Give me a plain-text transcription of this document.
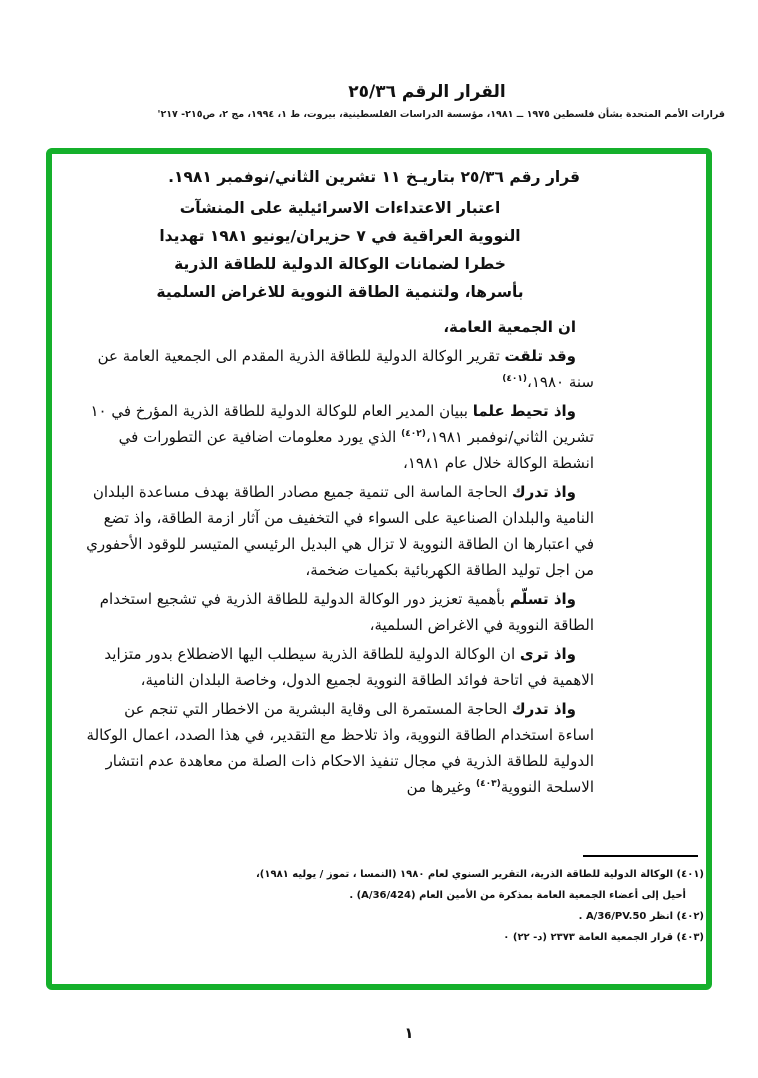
القرار الرقم ٢٥/٣٦
قرارات الأمم المتحدة بشأن فلسطين ١٩٧٥ ــ ١٩٨١، مؤسسة الدراسات الفلسطينية، بيروت، ط ١، ١٩٩٤، مج ٢، ص٢١٥- ٢١٧'

قرار رقم ٢٥/٣٦ بتاريـخ ١١ تشرين الثاني/نوفمبر ١٩٨١.

اعتبار الاعتداءات الاسرائيلية على المنشآت
النووية العراقية في ٧ حزيران/يونيو ١٩٨١ تهديدا
خطرا لضمانات الوكالة الدولية للطاقة الذرية
بأسرها، ولتنمية الطاقة النووية للاغراض السلمية

ان الجمعية العامة،

وقد تلقت تقرير الوكالة الدولية للطاقة الذرية المقدم الى الجمعية العامة عن سنة ١٩٨٠،$^{(٤٠١)}$

واذ تحيط علما ببيان المدير العام للوكالة الدولية للطاقة الذرية المؤرخ في ١٠ تشرين الثاني/نوفمبر ١٩٨١،$^{(٤٠٢)}$ الذي يورد معلومات اضافية عن التطورات في انشطة الوكالة خلال عام ١٩٨١،

واذ تدرك الحاجة الماسة الى تنمية جميع مصادر الطاقة بهدف مساعدة البلدان النامية والبلدان الصناعية على السواء في التخفيف من آثار ازمة الطاقة، واذ تضع في اعتبارها ان الطاقة النووية لا تزال هي البديل الرئيسي المتيسر للوقود الأحفوري من اجل توليد الطاقة الكهربائية بكميات ضخمة،

واذ تسلّم بأهمية تعزيز دور الوكالة الدولية للطاقة الذرية في تشجيع استخدام الطاقة النووية في الاغراض السلمية،

واذ ترى ان الوكالة الدولية للطاقة الذرية سيطلب اليها الاضطلاع بدور متزايد الاهمية في اتاحة فوائد الطاقة النووية لجميع الدول، وخاصة البلدان النامية،

واذ تدرك الحاجة المستمرة الى وقاية البشرية من الاخطار التي تنجم عن اساءة استخدام الطاقة النووية، واذ تلاحظ مع التقدير، في هذا الصدد، اعمال الوكالة الدولية للطاقة الذرية في مجال تنفيذ الاحكام ذات الصلة من معاهدة عدم انتشار الاسلحة النووية$^{(٤٠٣)}$ وغيرها من

(٤٠١) الوكالة الدولية للطاقة الذرية، التقرير السنوي لعام ١٩٨٠ (النمسا ، تموز / يوليه ١٩٨١)،
أحيل إلى أعضاء الجمعية العامة بمذكرة من الأمين العام (A/36/424) .
(٤٠٢) انظر A/36/PV.50 .
(٤٠٣) قرار الجمعية العامة ٢٣٧٣ (د- ٢٢) ٠
١
